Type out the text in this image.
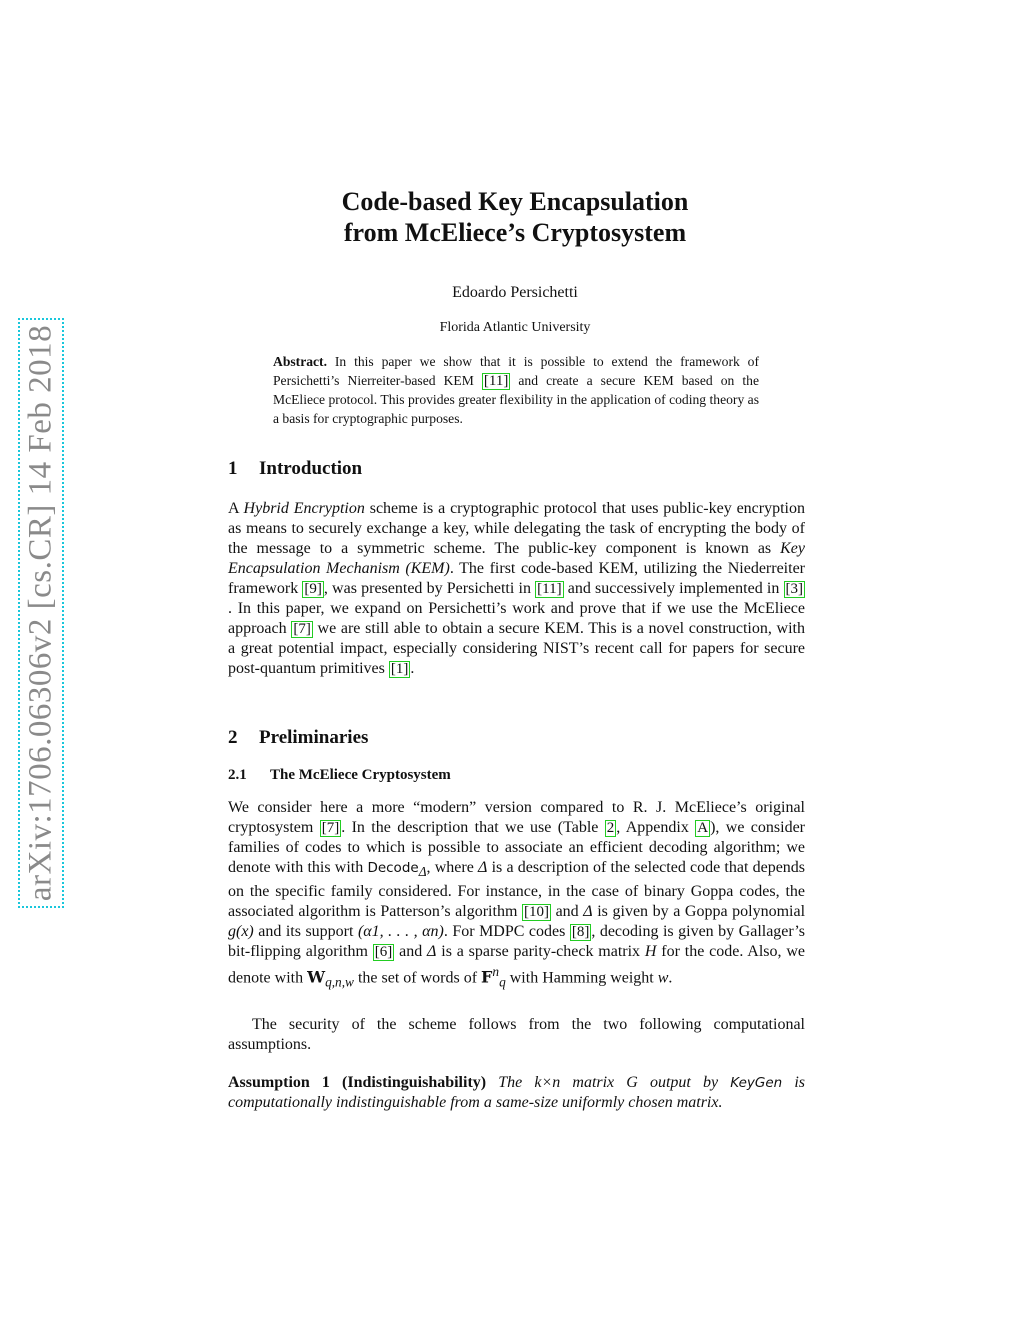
arXiv:1706.06306v2 [cs.CR] 14 Feb 2018
Code-based Key Encapsulation
from McEliece’s Cryptosystem
Edoardo Persichetti
Florida Atlantic University
Abstract. In this paper we show that it is possible to extend the framework of Persichetti’s Nierreiter-based KEM [11] and create a secure KEM based on the McEliece protocol. This provides greater flexibility in the application of coding theory as a basis for cryptographic purposes.
1 Introduction
A Hybrid Encryption scheme is a cryptographic protocol that uses public-key encryption as means to securely exchange a key, while delegating the task of encrypting the body of the message to a symmetric scheme. The public-key component is known as Key Encapsulation Mechanism (KEM). The first code-based KEM, utilizing the Niederreiter framework [9] , was presented by Persichetti in [11] and successively implemented in [3]. In this paper, we expand on Persichetti’s work and prove that if we use the McEliece approach [7] we are still able to obtain a secure KEM. This is a novel construction, with a great potential impact, especially considering NIST’s recent call for papers for secure post-quantum primitives [1] .
2 Preliminaries
2.1 The McEliece Cryptosystem
We consider here a more “modern” version compared to R. J. McEliece’s original cryptosystem [7] . In the description that we use (Table 2 , Appendix A ), we consider families of codes to which is possible to associate an efficient decoding algorithm; we denote with this with Decode$_\Delta$, where Δ is a description of the selected code that depends on the specific family considered. For instance, in the case of binary Goppa codes, the associated algorithm is Patterson’s algorithm [10] and Δ is given by a Goppa polynomial g(x) and its support (α1, . . . , αn). For MDPC codes [8] , decoding is given by Gallager’s bit-flipping algorithm [6] and Δ is a sparse parity-check matrix H for the code. Also, we denote with $W_{q,n,w}$ the set of words of $F^n_q$ with Hamming weight w.
The security of the scheme follows from the two following computational assumptions.
Assumption 1 (Indistinguishability) The k×n matrix G output by KeyGen is computationally indistinguishable from a same-size uniformly chosen matrix.
